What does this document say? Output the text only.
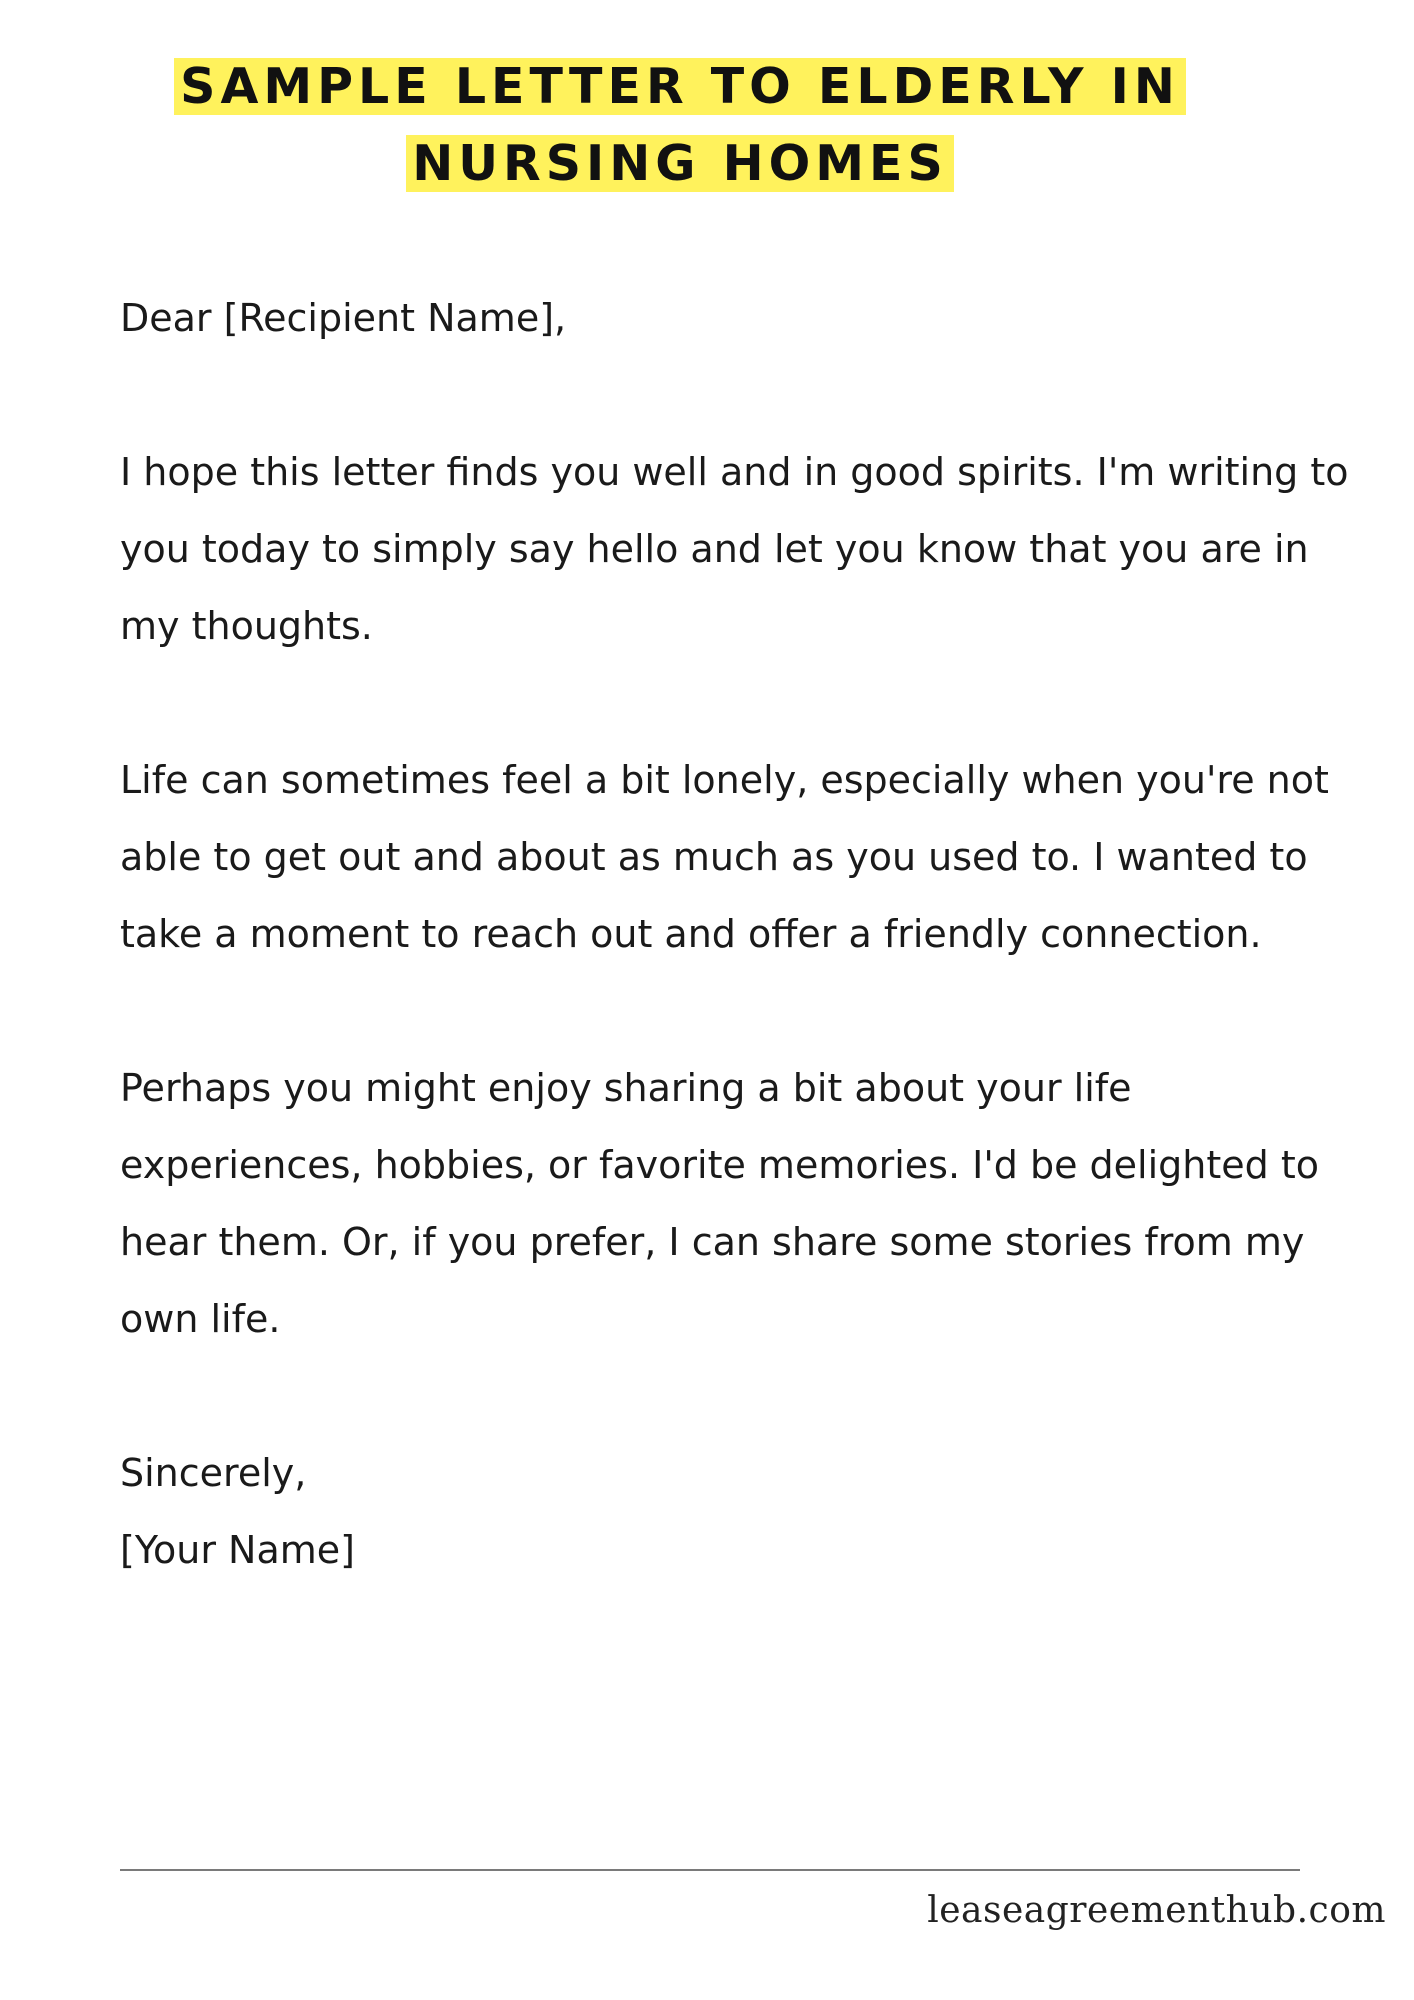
SAMPLE LETTER TO ELDERLY IN NURSING HOMES

Dear [Recipient Name],

I hope this letter finds you well and in good spirits. I'm writing to you today to simply say hello and let you know that you are in my thoughts.

Life can sometimes feel a bit lonely, especially when you're not able to get out and about as much as you used to. I wanted to take a moment to reach out and offer a friendly connection.

Perhaps you might enjoy sharing a bit about your life experiences, hobbies, or favorite memories. I'd be delighted to hear them. Or, if you prefer, I can share some stories from my own life.

Sincerely,

[Your Name]

leaseagreementhub.com
